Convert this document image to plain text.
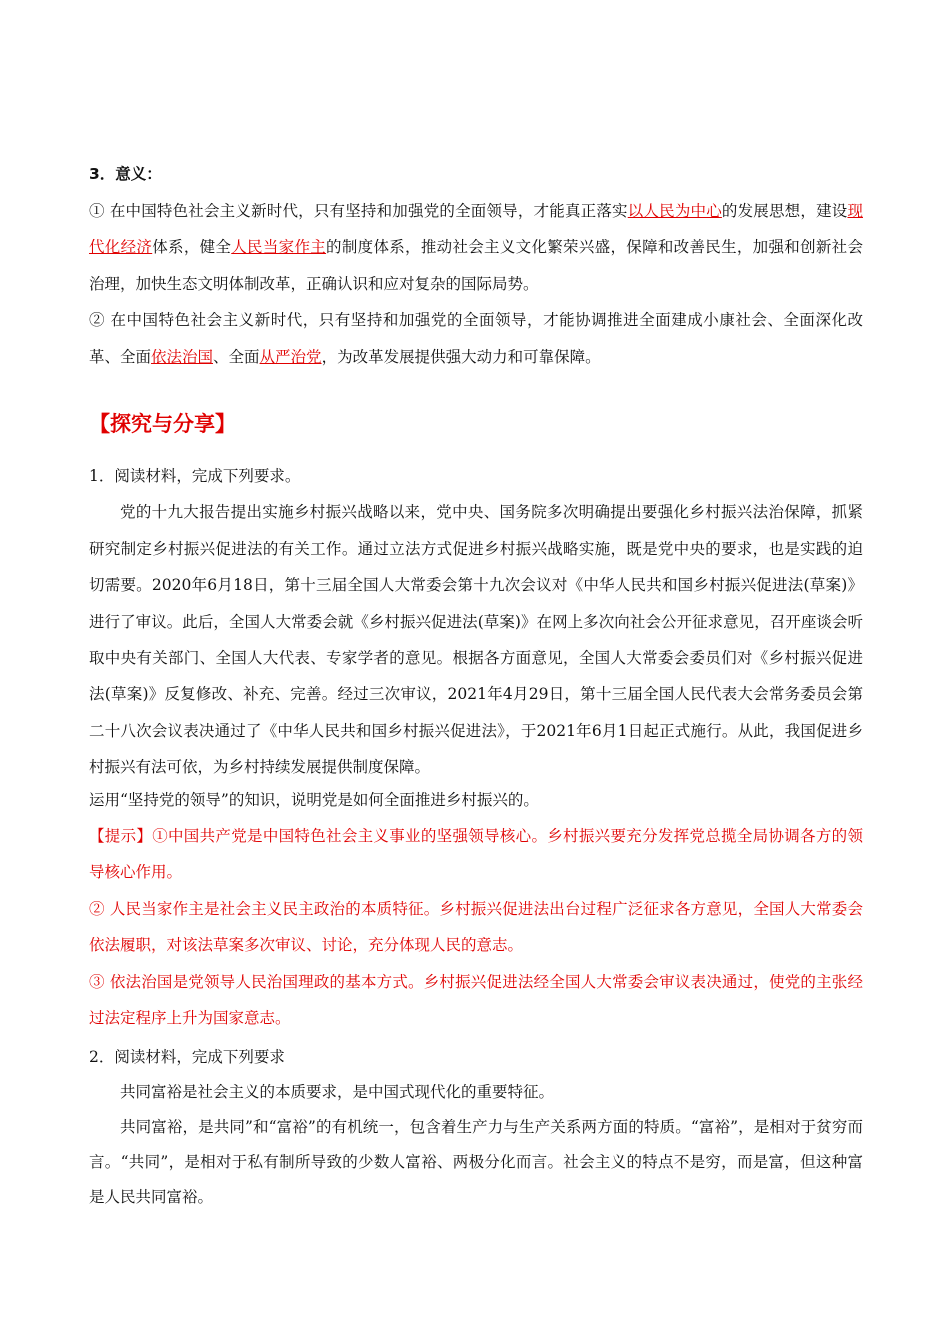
3．意义：

① 在中国特色社会主义新时代，只有坚持和加强党的全面领导，才能真正落实以人民为中心的发展思想，建设现代化经济体系，健全人民当家作主的制度体系，推动社会主义文化繁荣兴盛，保障和改善民生，加强和创新社会治理，加快生态文明体制改革，正确认识和应对复杂的国际局势。

② 在中国特色社会主义新时代，只有坚持和加强党的全面领导，才能协调推进全面建成小康社会、全面深化改革、全面依法治国、全面从严治党，为改革发展提供强大动力和可靠保障。

【探究与分享】

1．阅读材料，完成下列要求。

党的十九大报告提出实施乡村振兴战略以来，党中央、国务院多次明确提出要强化乡村振兴法治保障，抓紧研究制定乡村振兴促进法的有关工作。通过立法方式促进乡村振兴战略实施，既是党中央的要求，也是实践的迫切需要。2020年6月18日，第十三届全国人大常委会第十九次会议对《中华人民共和国乡村振兴促进法(草案)》进行了审议。此后，全国人大常委会就《乡村振兴促进法(草案)》在网上多次向社会公开征求意见，召开座谈会听取中央有关部门、全国人大代表、专家学者的意见。根据各方面意见，全国人大常委会委员们对《乡村振兴促进法(草案)》反复修改、补充、完善。经过三次审议，2021年4月29日，第十三届全国人民代表大会常务委员会第二十八次会议表决通过了《中华人民共和国乡村振兴促进法》，于2021年6月1日起正式施行。从此，我国促进乡村振兴有法可依，为乡村持续发展提供制度保障。

运用“坚持党的领导”的知识，说明党是如何全面推进乡村振兴的。

【提示】①中国共产党是中国特色社会主义事业的坚强领导核心。乡村振兴要充分发挥党总揽全局协调各方的领导核心作用。

② 人民当家作主是社会主义民主政治的本质特征。乡村振兴促进法出台过程广泛征求各方意见，全国人大常委会依法履职，对该法草案多次审议、讨论，充分体现人民的意志。

③ 依法治国是党领导人民治国理政的基本方式。乡村振兴促进法经全国人大常委会审议表决通过，使党的主张经过法定程序上升为国家意志。

2．阅读材料，完成下列要求

共同富裕是社会主义的本质要求，是中国式现代化的重要特征。

共同富裕，是共同”和“富裕”的有机统一，包含着生产力与生产关系两方面的特质。“富裕”，是相对于贫穷而言。“共同”，是相对于私有制所导致的少数人富裕、两极分化而言。社会主义的特点不是穷，而是富，但这种富是人民共同富裕。
